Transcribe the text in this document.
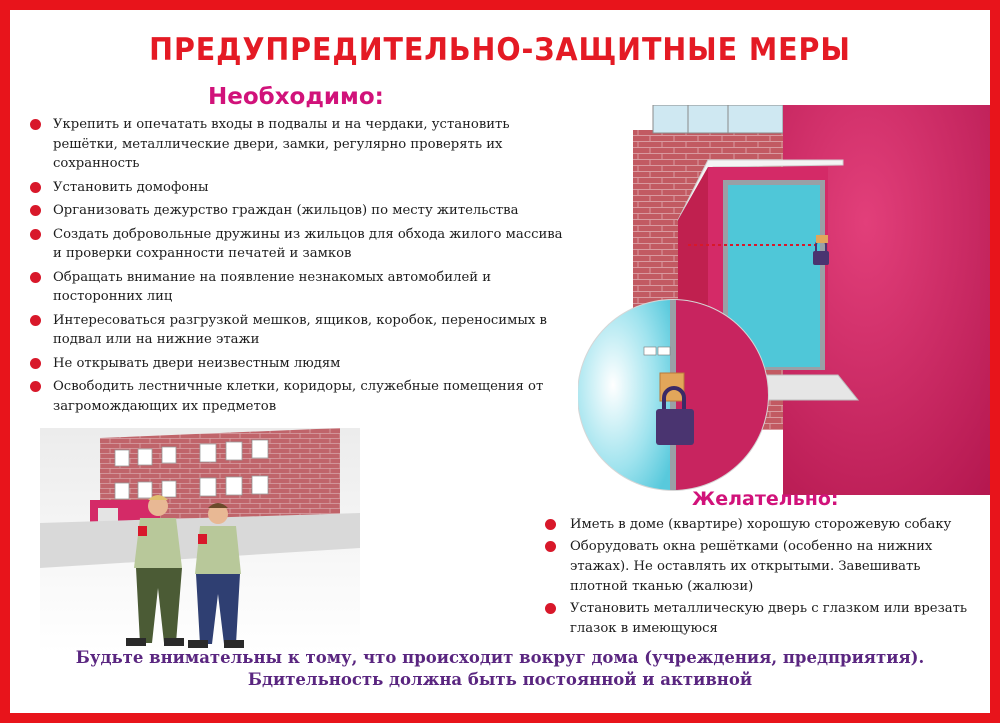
ПРЕДУПРЕДИТЕЛЬНО-ЗАЩИТНЫЕ МЕРЫ
Необходимо:
Укрепить и опечатать входы в подвалы и на чердаки, установить решётки, металлические двери, замки, регулярно проверять их сохранность
Установить домофоны
Организовать дежурство граждан (жильцов) по месту жительства
Создать добровольные дружины из жильцов для обхода жилого массива и проверки сохранности печатей и замков
Обращать внимание на появление незнакомых автомобилей и посторонних лиц
Интересоваться разгрузкой мешков, ящиков, коробок, переносимых в подвал или на нижние этажи
Не открывать двери неизвестным людям
Освободить лестничные клетки, коридоры, служебные помещения от загромождающих их предметов
Желательно:
Иметь в доме (квартире) хорошую сторожевую собаку
Оборудовать окна решётками (особенно на нижних этажах). Не оставлять их открытыми. Завешивать плотной тканью (жалюзи)
Установить металлическую дверь с глазком или врезать глазок в имеющуюся
Будьте внимательны к тому, что происходит вокруг дома (учреждения, предприятия).
Бдительность должна быть постоянной и активной
